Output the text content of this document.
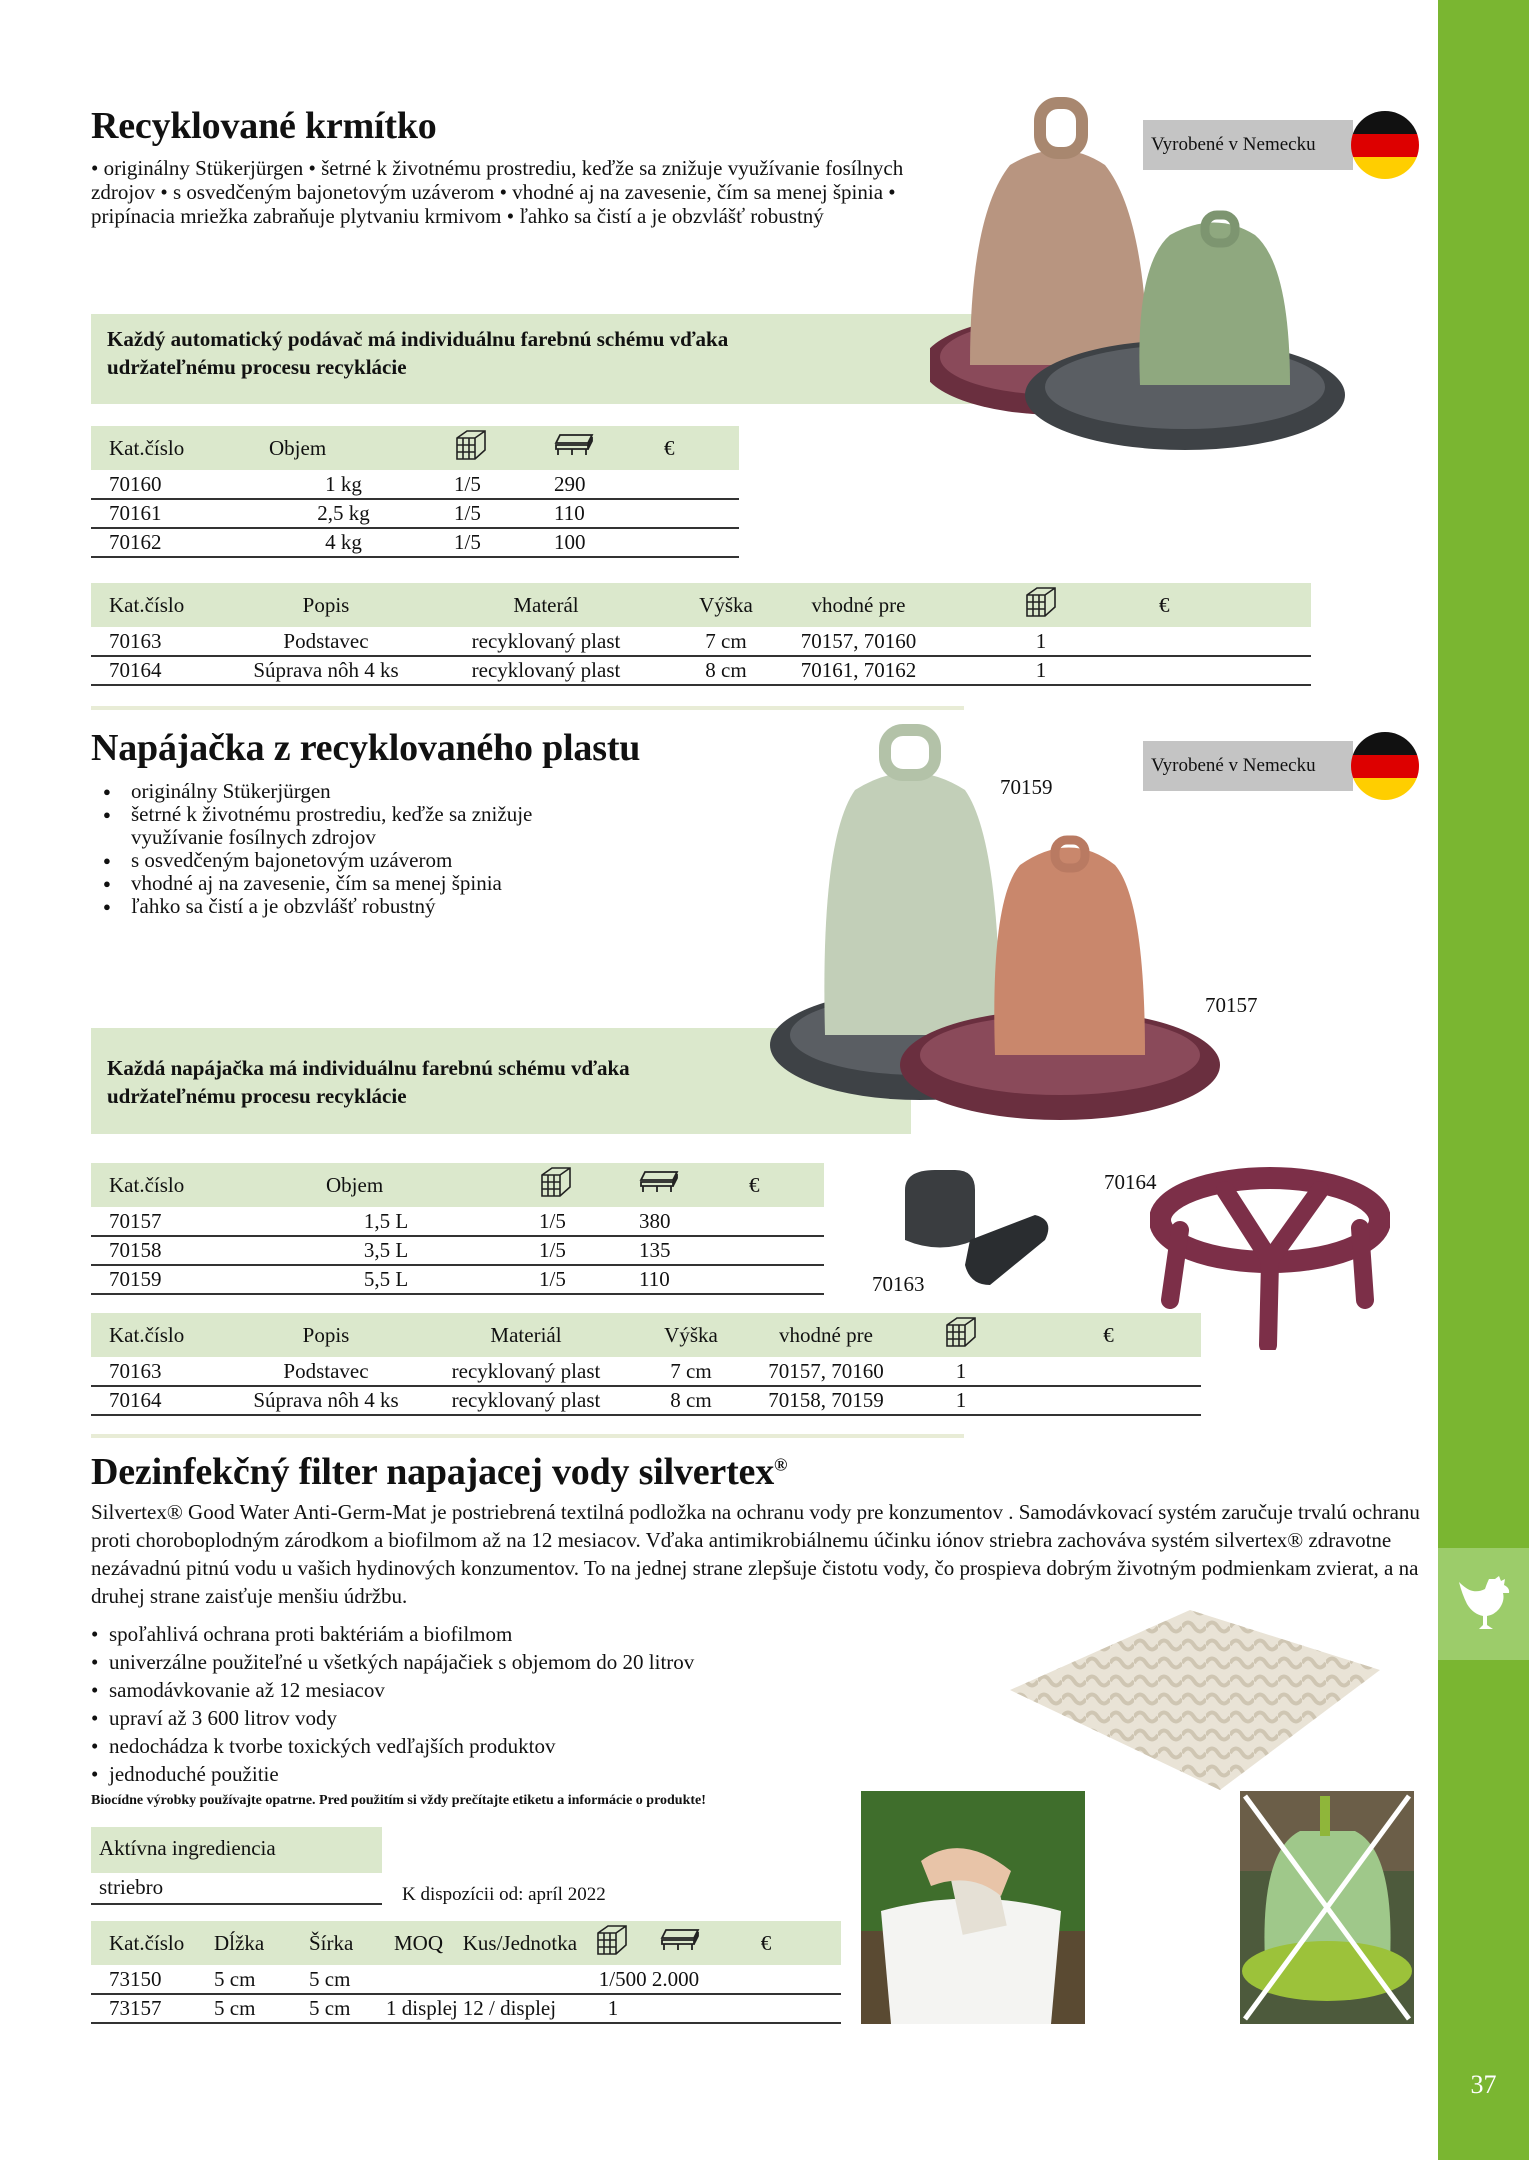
37
Recyklované krmítko
• originálny Stükerjürgen • šetrné k životnému prostrediu, keďže sa znižuje využívanie fosílnych zdrojov • s osvedčeným bajonetovým uzáverom • vhodné aj na zavesenie, čím sa menej špinia • pripínacia mriežka zabraňuje plytvaniu krmivom • ľahko sa čistí a je obzvlášť robustný
Každý automatický podávač má individuálnu farebnú schému vďaka udržateľnému procesu recyklácie
Vyrobené v Nemecku
Kat.číslo	Objem			€
70160	1 kg	1/5	290	
70161	2,5 kg	1/5	110	
70162	4 kg	1/5	100	
Kat.číslo	Popis	Materál	Výška	vhodné pre		€
70163	Podstavec	recyklovaný plast	7 cm	70157, 70160	1	
70164	Súprava nôh 4 ks	recyklovaný plast	8 cm	70161, 70162	1	
Napájačka z recyklovaného plastu
● originálny Stükerjürgen
● šetrné k životnému prostrediu, keďže sa znižuje využívanie fosílnych zdrojov
● s osvedčeným bajonetovým uzáverom
● vhodné aj na zavesenie, čím sa menej špinia
● ľahko sa čistí a je obzvlášť robustný
Každá napájačka má individuálnu farebnú schému vďaka udržateľnému procesu recyklácie
Vyrobené v Nemecku
70159
70157
70164
70163
Kat.číslo	Objem			€
70157	1,5 L	1/5	380	
70158	3,5 L	1/5	135	
70159	5,5 L	1/5	110	
Kat.číslo	Popis	Materiál	Výška	vhodné pre		€
70163	Podstavec	recyklovaný plast	7 cm	70157, 70160	1	
70164	Súprava nôh 4 ks	recyklovaný plast	8 cm	70158, 70159	1	
Dezinfekčný filter napajacej vody silvertex®
Silvertex® Good Water Anti-Germ-Mat je postriebrená textilná podložka na ochranu vody pre konzumentov . Samodávkovací systém zaručuje trvalú ochranu proti choroboplodným zárodkom a biofilmom až na 12 mesiacov. Vďaka antimikrobiálnemu účinku iónov striebra zachováva systém silvertex® zdravotne nezávadnú pitnú vodu u vašich hydinových konzumentov. To na jednej strane zlepšuje čistotu vody, čo prospieva dobrým životným podmienkam zvierat, a na druhej strane zaisťuje menšiu údržbu.
• spoľahlivá ochrana proti baktériám a biofilmom
• univerzálne použiteľné u všetkých napájačiek s objemom do 20 litrov
• samodávkovanie až 12 mesiacov
• upraví až 3 600 litrov vody
• nedochádza k tvorbe toxických vedľajších produktov
• jednoduché použitie
Biocídne výrobky používajte opatrne. Pred použitím si vždy prečítajte etiketu a informácie o produkte!
Aktívna ingrediencia
striebro	K dispozícii od: apríl 2022
Kat.číslo	Dĺžka	Šírka	MOQ	Kus/Jednotka			€
73150	5 cm	5 cm			1/500 2.000		
73157	5 cm	5 cm	1 displej	12 / displej	1		
